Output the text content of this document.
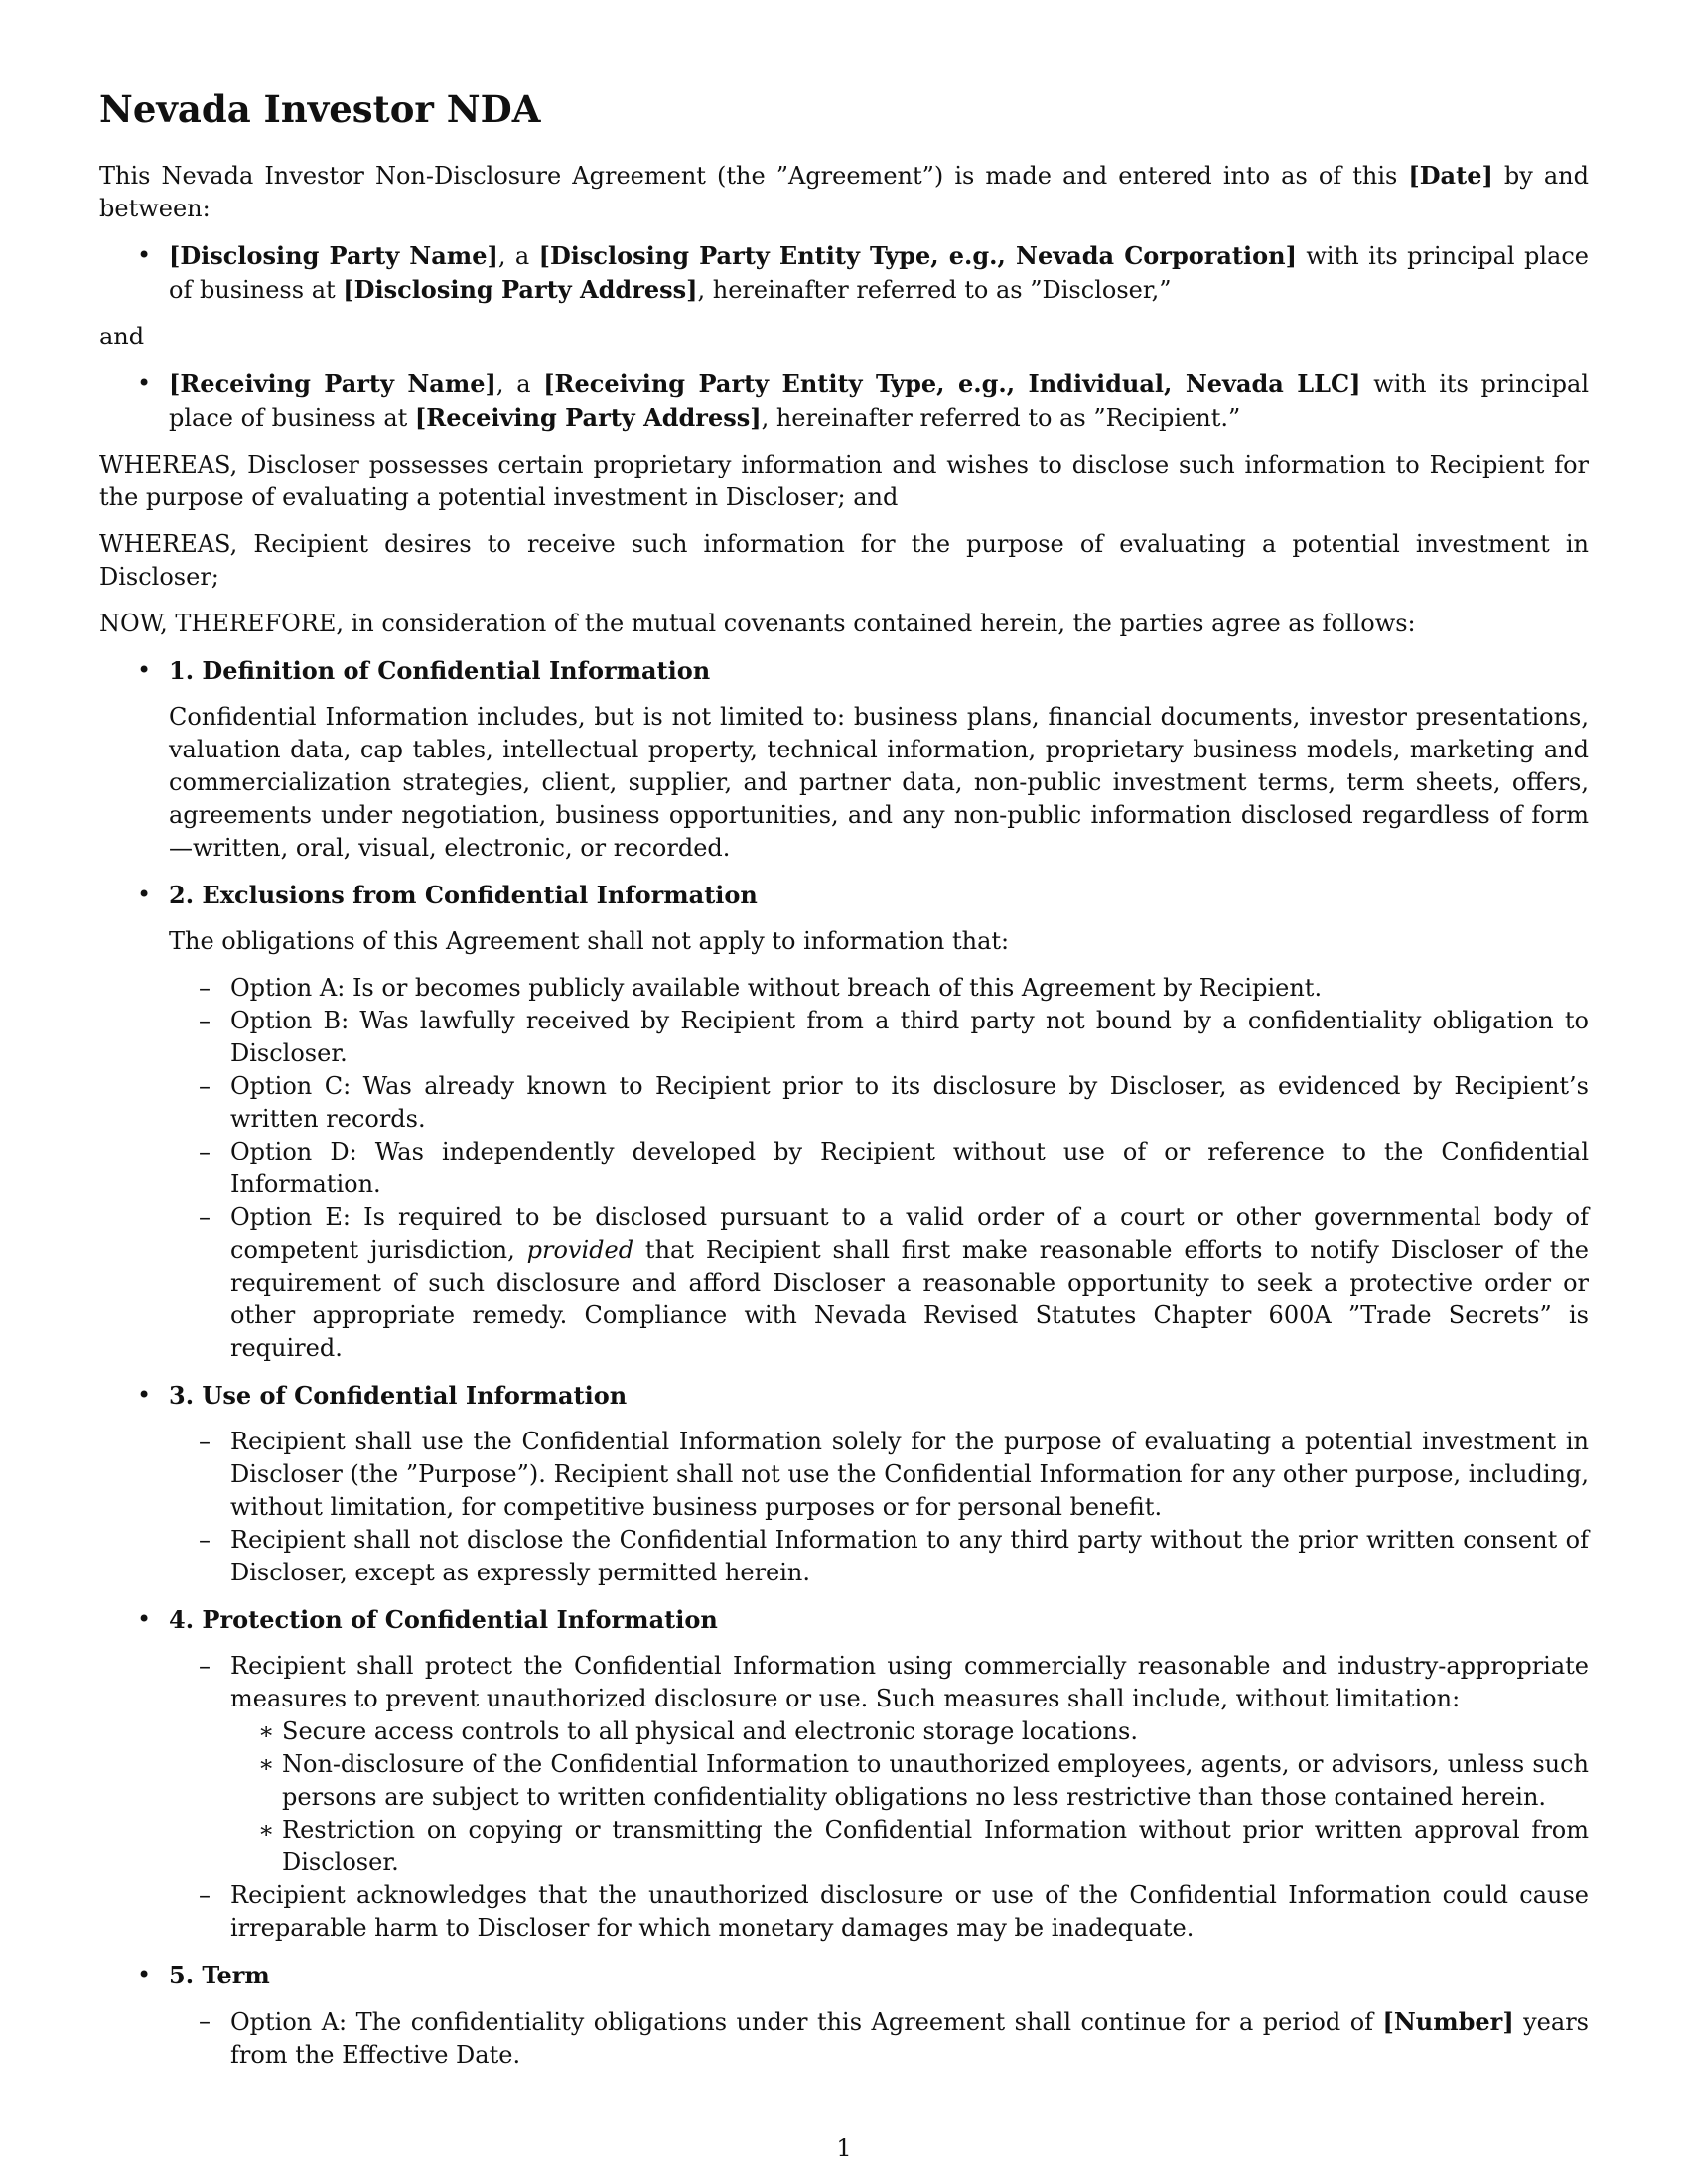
Nevada Investor NDA

This Nevada Investor Non-Disclosure Agreement (the ”Agreement”) is made and entered into as of this [Date] by and between:

• [Disclosing Party Name], a [Disclosing Party Entity Type, e.g., Nevada Corporation] with its principal place of business at [Disclosing Party Address], hereinafter referred to as ”Discloser,”

and

• [Receiving Party Name], a [Receiving Party Entity Type, e.g., Individual, Nevada LLC] with its principal place of business at [Receiving Party Address], hereinafter referred to as ”Recipient.”

WHEREAS, Discloser possesses certain proprietary information and wishes to disclose such information to Recipient for the purpose of evaluating a potential investment in Discloser; and

WHEREAS, Recipient desires to receive such information for the purpose of evaluating a potential investment in Discloser;

NOW, THEREFORE, in consideration of the mutual covenants contained herein, the parties agree as follows:

• 1. Definition of Confidential Information
Confidential Information includes, but is not limited to: business plans, financial documents, investor presentations, valuation data, cap tables, intellectual property, technical information, proprietary business models, marketing and commercialization strategies, client, supplier, and partner data, non-public investment terms, term sheets, offers, agreements under negotiation, business opportunities, and any non-public information disclosed regardless of form—written, oral, visual, electronic, or recorded.
• 2. Exclusions from Confidential Information
The obligations of this Agreement shall not apply to information that:
– Option A: Is or becomes publicly available without breach of this Agreement by Recipient.
– Option B: Was lawfully received by Recipient from a third party not bound by a confidentiality obligation to Discloser.
– Option C: Was already known to Recipient prior to its disclosure by Discloser, as evidenced by Recipient’s written records.
– Option D: Was independently developed by Recipient without use of or reference to the Confidential Information.
– Option E: Is required to be disclosed pursuant to a valid order of a court or other governmental body of competent jurisdiction, provided that Recipient shall first make reasonable efforts to notify Discloser of the requirement of such disclosure and afford Discloser a reasonable opportunity to seek a protective order or other appropriate remedy. Compliance with Nevada Revised Statutes Chapter 600A ”Trade Secrets” is required.
• 3. Use of Confidential Information
– Recipient shall use the Confidential Information solely for the purpose of evaluating a potential investment in Discloser (the ”Purpose”). Recipient shall not use the Confidential Information for any other purpose, including, without limitation, for competitive business purposes or for personal benefit.
– Recipient shall not disclose the Confidential Information to any third party without the prior written consent of Discloser, except as expressly permitted herein.
• 4. Protection of Confidential Information
– Recipient shall protect the Confidential Information using commercially reasonable and industry-appropriate measures to prevent unauthorized disclosure or use. Such measures shall include, without limitation:
∗ Secure access controls to all physical and electronic storage locations.
∗ Non-disclosure of the Confidential Information to unauthorized employees, agents, or advisors, unless such persons are subject to written confidentiality obligations no less restrictive than those contained herein.
∗ Restriction on copying or transmitting the Confidential Information without prior written approval from Discloser.
– Recipient acknowledges that the unauthorized disclosure or use of the Confidential Information could cause irreparable harm to Discloser for which monetary damages may be inadequate.
• 5. Term
– Option A: The confidentiality obligations under this Agreement shall continue for a period of [Number] years from the Effective Date.
1
